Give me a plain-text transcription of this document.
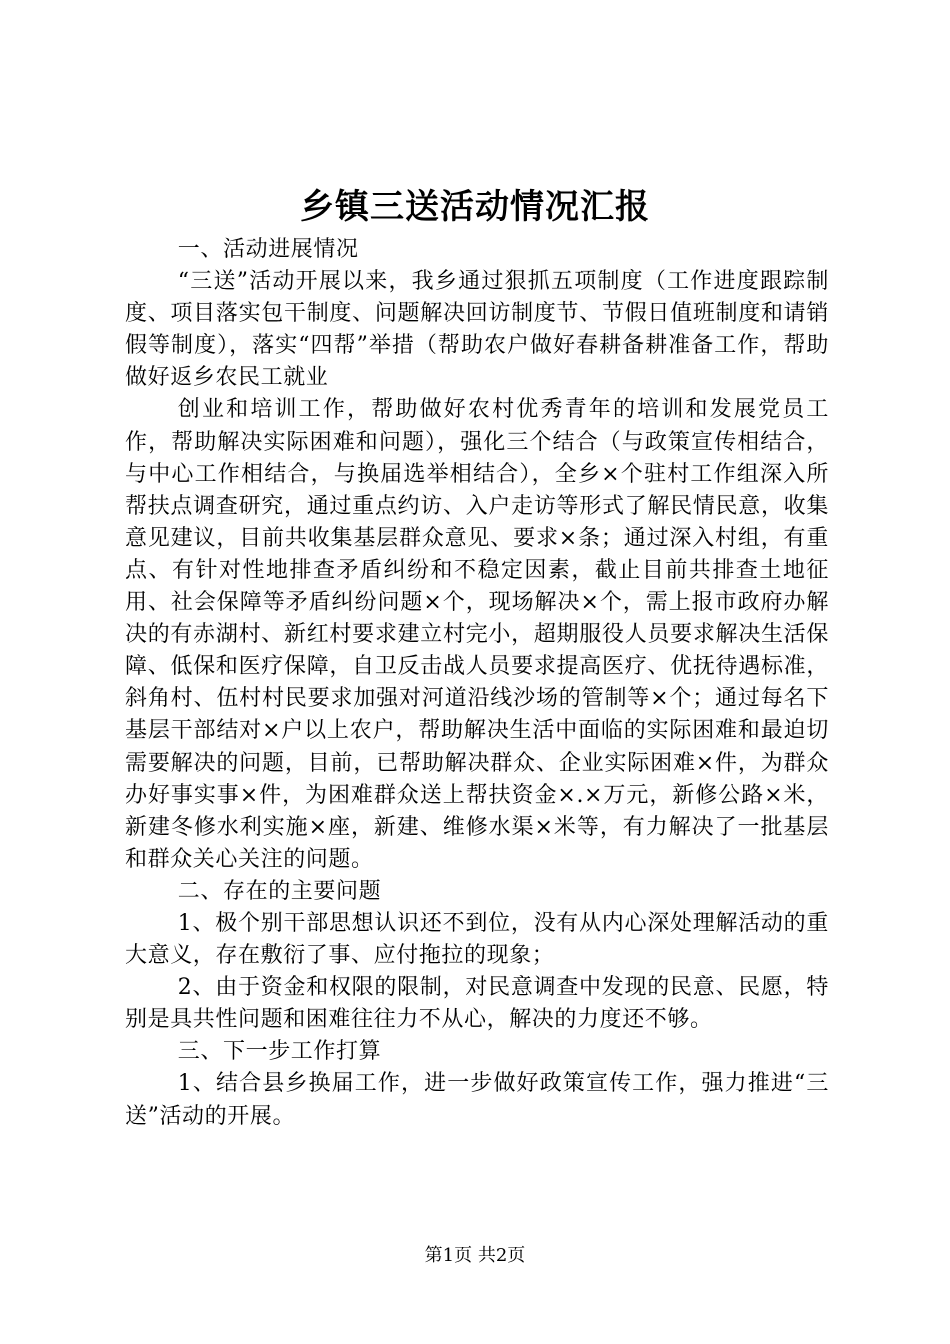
乡镇三送活动情况汇报

一、活动进展情况

“三送”活动开展以来，我乡通过狠抓五项制度（工作进度跟踪制度、项目落实包干制度、问题解决回访制度节、节假日值班制度和请销假等制度），落实“四帮”举措（帮助农户做好春耕备耕准备工作，帮助做好返乡农民工就业

创业和培训工作，帮助做好农村优秀青年的培训和发展党员工作，帮助解决实际困难和问题），强化三个结合（与政策宣传相结合，与中心工作相结合，与换届选举相结合），全乡×个驻村工作组深入所帮扶点调查研究，通过重点约访、入户走访等形式了解民情民意，收集意见建议，目前共收集基层群众意见、要求×条；通过深入村组，有重点、有针对性地排查矛盾纠纷和不稳定因素，截止目前共排查土地征用、社会保障等矛盾纠纷问题×个，现场解决×个，需上报市政府办解决的有赤湖村、新红村要求建立村完小，超期服役人员要求解决生活保障、低保和医疗保障，自卫反击战人员要求提高医疗、优抚待遇标准，斜角村、伍村村民要求加强对河道沿线沙场的管制等×个；通过每名下基层干部结对×户以上农户，帮助解决生活中面临的实际困难和最迫切需要解决的问题，目前，已帮助解决群众、企业实际困难×件，为群众办好事实事×件，为困难群众送上帮扶资金×.×万元，新修公路×米，新建冬修水利实施×座，新建、维修水渠×米等，有力解决了一批基层和群众关心关注的问题。

二、存在的主要问题

1、极个别干部思想认识还不到位，没有从内心深处理解活动的重大意义，存在敷衍了事、应付拖拉的现象；

2、由于资金和权限的限制，对民意调查中发现的民意、民愿，特别是具共性问题和困难往往力不从心，解决的力度还不够。

三、下一步工作打算

1、结合县乡换届工作，进一步做好政策宣传工作，强力推进“三送”活动的开展。

第1页 共2页
